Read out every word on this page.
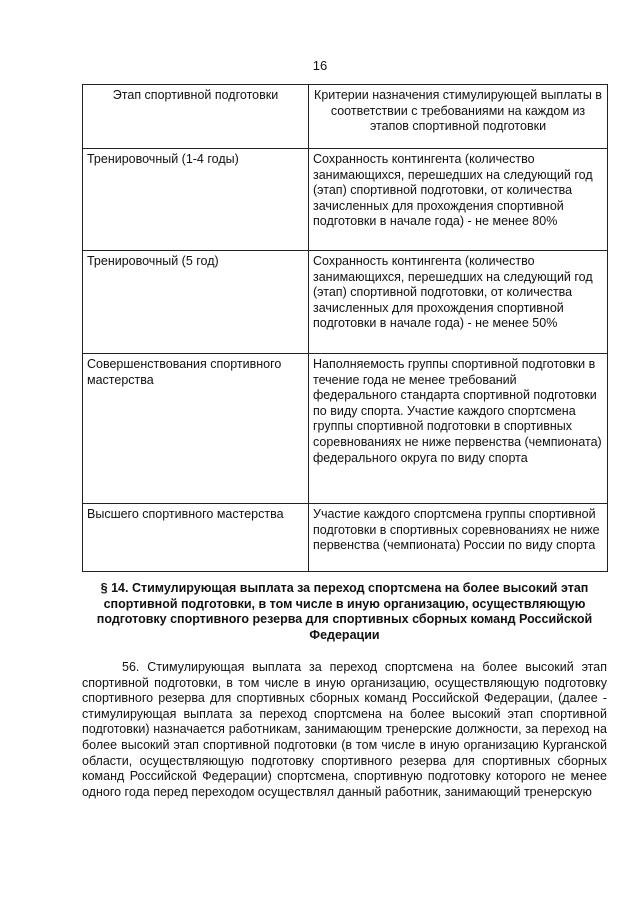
16
Этап спортивной подготовки	Критерии назначения стимулирующей выплаты в соответствии с требованиями на каждом из этапов спортивной подготовки
Тренировочный (1-4 годы)	Сохранность контингента (количество занимающихся, перешедших на следующий год (этап) спортивной подготовки, от количества зачисленных для прохождения спортивной подготовки в начале года) - не менее 80%
Тренировочный (5 год)	Сохранность контингента (количество занимающихся, перешедших на следующий год (этап) спортивной подготовки, от количества зачисленных для прохождения спортивной подготовки в начале года) - не менее 50%
Совершенствования спортивного мастерства	Наполняемость группы спортивной подготовки в течение года не менее требований федерального стандарта спортивной подготовки по виду спорта. Участие каждого спортсмена группы спортивной подготовки в спортивных соревнованиях не ниже первенства (чемпионата) федерального округа по виду спорта
Высшего спортивного мастерства	Участие каждого спортсмена группы спортивной подготовки в спортивных соревнованиях не ниже первенства (чемпионата) России по виду спорта
§ 14. Стимулирующая выплата за переход спортсмена на более высокий этап спортивной подготовки, в том числе в иную организацию, осуществляющую подготовку спортивного резерва для спортивных сборных команд Российской Федерации
56. Стимулирующая выплата за переход спортсмена на более высокий этап спортивной подготовки, в том числе в иную организацию, осуществляющую подготовку спортивного резерва для спортивных сборных команд Российской Федерации, (далее - стимулирующая выплата за переход спортсмена на более высокий этап спортивной подготовки) назначается работникам, занимающим тренерские должности, за переход на более высокий этап спортивной подготовки (в том числе в иную организацию Курганской области, осуществляющую подготовку спортивного резерва для спортивных сборных команд Российской Федерации) спортсмена, спортивную подготовку которого не менее одного года перед переходом осуществлял данный работник, занимающий тренерскую
